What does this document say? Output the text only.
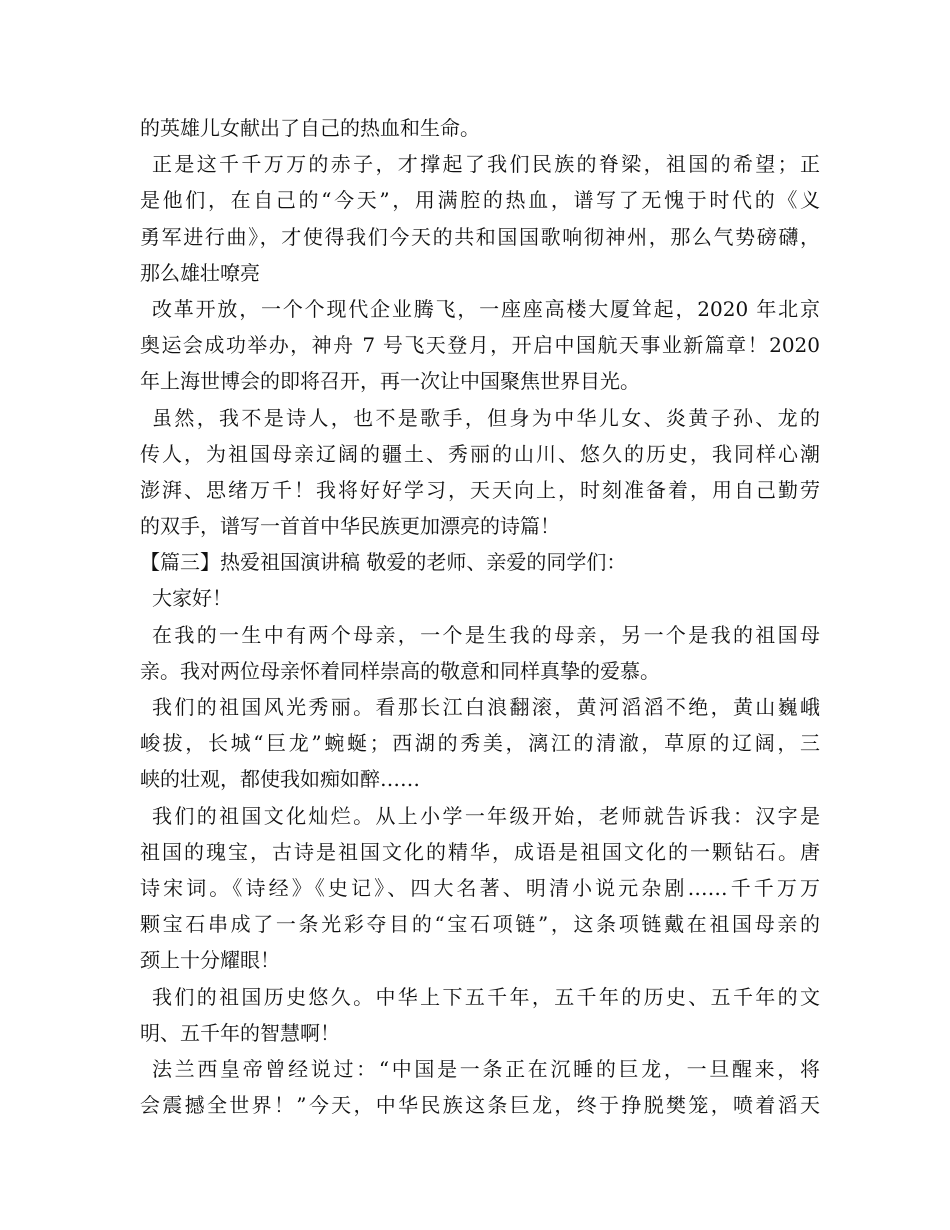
的英雄儿女献出了自己的热血和生命。
正是这千千万万的赤子，才撑起了我们民族的脊梁，祖国的希望；正
是他们，在自己的“今天”，用满腔的热血，谱写了无愧于时代的《义
勇军进行曲》，才使得我们今天的共和国国歌响彻神州，那么气势磅礴，
那么雄壮嘹亮
改革开放，一个个现代企业腾飞，一座座高楼大厦耸起，2020 年北京
奥运会成功举办，神舟 7 号飞天登月，开启中国航天事业新篇章！2020
年上海世博会的即将召开，再一次让中国聚焦世界目光。
虽然，我不是诗人，也不是歌手，但身为中华儿女、炎黄子孙、龙的
传人，为祖国母亲辽阔的疆土、秀丽的山川、悠久的历史，我同样心潮
澎湃、思绪万千！我将好好学习，天天向上，时刻准备着，用自己勤劳
的双手，谱写一首首中华民族更加漂亮的诗篇！
【篇三】热爱祖国演讲稿 敬爱的老师、亲爱的同学们：
大家好！
在我的一生中有两个母亲，一个是生我的母亲，另一个是我的祖国母
亲。我对两位母亲怀着同样崇高的敬意和同样真挚的爱慕。
我们的祖国风光秀丽。看那长江白浪翻滚，黄河滔滔不绝，黄山巍峨
峻拔，长城“巨龙”蜿蜒；西湖的秀美，漓江的清澈，草原的辽阔，三
峡的壮观，都使我如痴如醉……
我们的祖国文化灿烂。从上小学一年级开始，老师就告诉我：汉字是
祖国的瑰宝，古诗是祖国文化的精华，成语是祖国文化的一颗钻石。唐
诗宋词。《诗经》《史记》、四大名著、明清小说元杂剧……千千万万
颗宝石串成了一条光彩夺目的“宝石项链”，这条项链戴在祖国母亲的
颈上十分耀眼！
我们的祖国历史悠久。中华上下五千年，五千年的历史、五千年的文
明、五千年的智慧啊！
法兰西皇帝曾经说过：“中国是一条正在沉睡的巨龙，一旦醒来，将
会震撼全世界！”今天，中华民族这条巨龙，终于挣脱樊笼，喷着滔天
